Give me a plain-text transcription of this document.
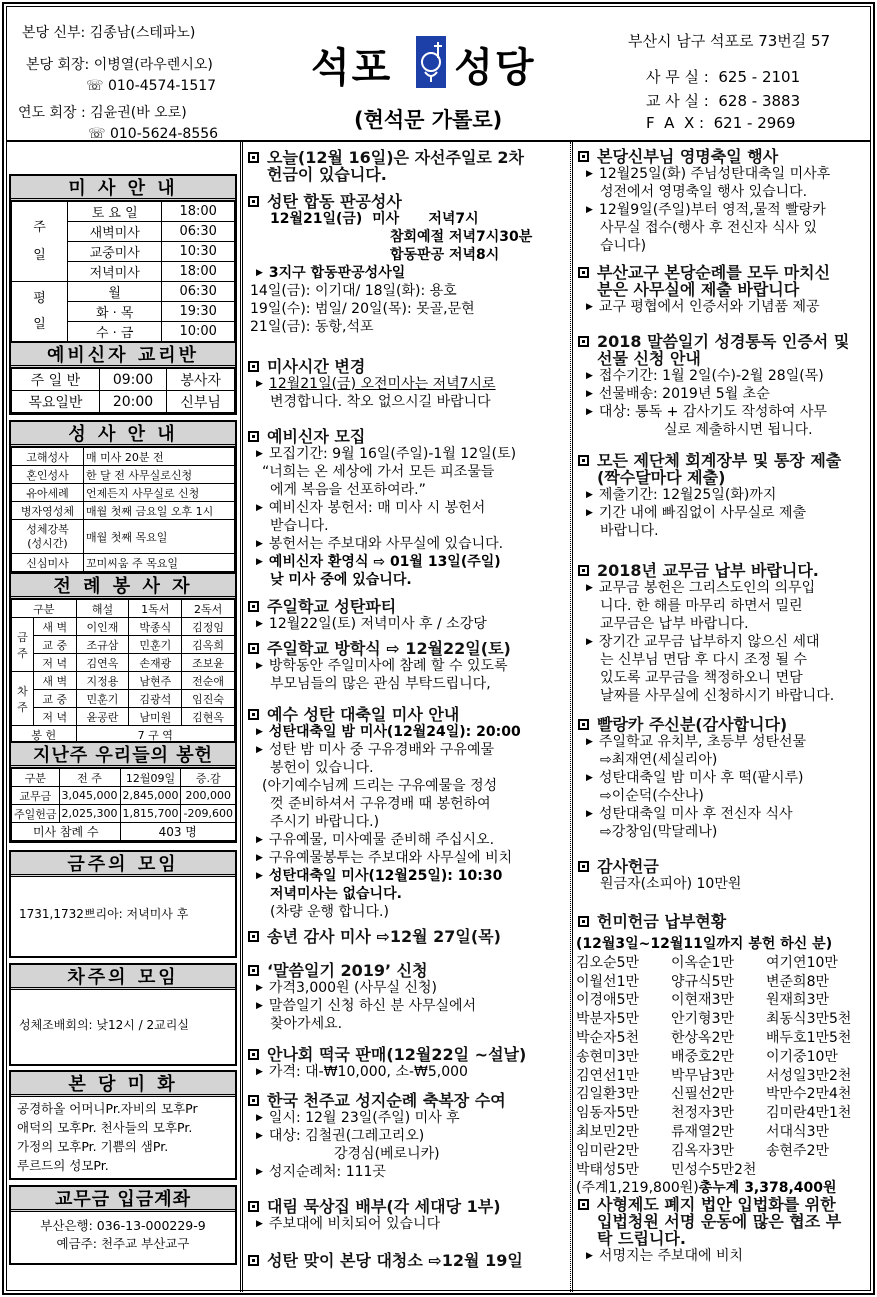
본당 신부: 김종남(스테파노)
본당 회장: 이병열(라우렌시오)
☏ 010-4574-1517
연도 회장 : 김윤권(바 오로)
☏ 010-5624-8556
석포 성당
(현석문 가롤로)
부산시 남구 석포로 73번길 57
사 무 실 : 625 - 2101
교 사 실 : 628 - 3883
F  A  X : 621 - 2969
미 사 안 내
주
일	토 요 일	18:00
	새벽미사	06:30
	교중미사	10:30
	저녁미사	18:00
평
일	월	06:30
	화 · 목	19:30
	수 · 금	10:00
예비신자 교리반
주 일 반	09:00	봉사자
목요일반	20:00	신부님
성 사 안 내
고해성사	매 미사 20분 전
혼인성사	한 달 전 사무실로신청
유아세례	언제든지 사무실로 신청
병자영성체	매월 첫째 금요일 오후 1시
성체강복
(성시간)	매월 첫째 목요일
신심미사	꼬미씨움 주 목요일
전 례 봉 사 자
구분		해설	1독서	2독서
금
주	새 벽	이인재	박종식	김정임
	교 중	조규삼	민훈기	김옥희
	저 녁	김연옥	손재광	조보윤
차
주	새 벽	지정용	남현주	전순애
	교 중	민훈기	김광석	임진숙
	저 녁	윤공란	남미원	김현옥
봉 헌		7 구 역		
지난주 우리들의 봉헌
구분	전 주	12월09일	증.감
교무금	3,045,000	2,845,000	200,000
주일헌금	2,025,300	1,815,700	-209,600
미사 참례 수		403 명	
금주의 모임
1731,1732쁘리아: 저녁미사 후
차주의 모임
성체조배회의: 낮12시 / 2교리실
본 당 미 화
공경하올 어머니Pr.자비의 모후Pr
애덕의 모후Pr. 천사들의 모후Pr.
가정의 모후Pr. 기쁨의 샘Pr.
루르드의 성모Pr.
교무금 입금계좌
부산은행: 036-13-000229-9
예금주: 천주교 부산교구
오늘(12월 16일)은 자선주일로 2차
헌금이 있습니다.
성탄 합동 판공성사
12월21일(금)  미사      저녁7시
참회예절 저녁7시30분
합동판공 저녁8시
▶ 3지구 합동판공성사일
14일(금): 이기대/ 18일(화): 용호
19일(수): 범일/ 20일(목): 못골,문현
21일(금): 동항,석포
미사시간 변경
▶ 12월21일(금) 오전미사는 저녁7시로
변경합니다. 착오 없으시길 바랍니다
예비신자 모집
▶ 모집기간: 9월 16일(주일)-1월 12일(토)
“너희는 온 세상에 가서 모든 피조물들
에게 복음을 선포하여라.”
▶ 예비신자 봉헌서: 매 미사 시 봉헌서
받습니다.
▶ 봉헌서는 주보대와 사무실에 있습니다.
▶ 예비신자 환영식 ⇨ 01월 13일(주일)
낮 미사 중에 있습니다.
주일학교 성탄파티
▶ 12월22일(토) 저녁미사 후 / 소강당
주일학교 방학식 ⇨ 12월22일(토)
▶ 방학동안 주일미사에 참례 할 수 있도록
부모님들의 많은 관심 부탁드립니다,
예수 성탄 대축일 미사 안내
▶ 성탄대축일 밤 미사(12월24일): 20:00
▶ 성탄 밤 미사 중 구유경배와 구유예물
봉헌이 있습니다.
(아기예수님께 드리는 구유예물을 정성
껏 준비하셔서 구유경배 때 봉헌하여
주시기 바랍니다.)
▶ 구유예물, 미사예물 준비해 주십시오.
▶ 구유예물봉투는 주보대와 사무실에 비치
▶ 성탄대축일 미사(12월25일): 10:30
저녁미사는 없습니다.
(차량 운행 합니다.)
송년 감사 미사 ⇨12월 27일(목)
‘말씀일기 2019’ 신청
▶ 가격3,000원 (사무실 신청)
▶ 말씀일기 신청 하신 분 사무실에서
찾아가세요.
안나회 떡국 판매(12월22일 ~설날)
▶ 가격: 대-₩10,000, 소-₩5,000
한국 천주교 성지순례 축복장 수여
▶ 일시: 12월 23일(주일) 미사 후
▶ 대상: 김철권(그레고리오)
강경심(베로니카)
▶ 성지순례처: 111곳
대림 묵상집 배부(각 세대당 1부)
▶ 주보대에 비치되어 있습니다
성탄 맞이 본당 대청소 ⇨12월 19일
본당신부님 영명축일 행사
▶ 12월25일(화) 주님성탄대축일 미사후
성전에서 영명축일 행사 있습니다.
▶ 12월9일(주일)부터 영적,물적 빨랑카
사무실 접수(행사 후 전신자 식사 있
습니다)
부산교구 본당순례를 모두 마치신
분은 사무실에 제출 바랍니다
▶ 교구 평협에서 인증서와 기념품 제공
2018 말씀일기 성경통독 인증서 및
선물 신청 안내
▶ 접수기간: 1월 2일(수)-2월 28일(목)
▶ 선물배송: 2019년 5월 초순
▶ 대상: 통독 + 감사기도 작성하여 사무
실로 제출하시면 됩니다.
모든 제단체 회계장부 및 통장 제출
(짝수달마다 제출)
▶ 제출기간: 12월25일(화)까지
▶ 기간 내에 빠짐없이 사무실로 제출
바랍니다.
2018년 교무금 납부 바랍니다.
▶ 교무금 봉헌은 그리스도인의 의무입
니다. 한 해를 마무리 하면서 밀린
교무금은 납부 바랍니다.
▶ 장기간 교무금 납부하지 않으신 세대
는 신부님 면담 후 다시 조정 될 수
있도록 교무금을 책정하오니 면담
날짜를 사무실에 신청하시기 바랍니다.
빨랑카 주신분(감사합니다)
▶ 주일학교 유치부, 초등부 성탄선물
⇨최재연(세실리아)
▶ 성탄대축일 밤 미사 후 떡(팥시루)
⇨이순덕(수산나)
▶ 성탄대축일 미사 후 전신자 식사
⇨강창임(막달레나)
감사헌금
원금자(소피아) 10만원
헌미헌금 납부현황
사형제도 폐지 법안 입법화를 위한
입법청원 서명 운동에 많은 협조 부
탁 드립니다.
▶ 서명지는 주보대에 비치
(12월3일~12월11일까지 봉헌 하신 분)
김오순5만	이옥순1만	여기연10만
이월선1만	양규식5만	변준희8만
이경애5만	이현재3만	원재희3만
박분자5만	안기형3만	최동식3만5천
박순자5천	한상옥2만	배두호1만5천
송현미3만	배중호2만	이기중10만
김연선1만	박무남3만	서성일3만2천
김일환3만	신필선2만	박만수2만4천
임동자5만	천정자3만	김미란4만1천
최보민2만	류재열2만	서대식3만
임미란2만	김옥자3만	송현주2만
박태성5만	민성수5만2천
(주계1,219,800원)총누계 3,378,400원
